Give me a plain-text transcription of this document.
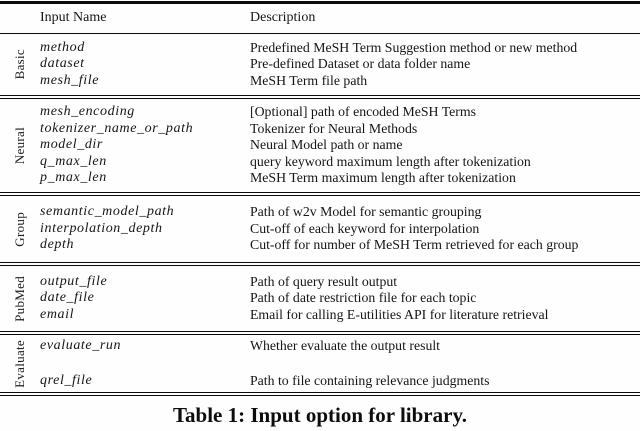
Input Name	Description
Basic
method
dataset
mesh_file
Predefined MeSH Term Suggestion method or new method
Pre-defined Dataset or data folder name
MeSH Term file path
Neural
mesh_encoding
tokenizer_name_or_path
model_dir
q_max_len
p_max_len
[Optional] path of encoded MeSH Terms
Tokenizer for Neural Methods
Neural Model path or name
query keyword maximum length after tokenization
MeSH Term maximum length after tokenization
Group semantic_model_path
interpolation_depth
depth
Path of w2v Model for semantic grouping
Cut-off of each keyword for interpolation
Cut-off for number of MeSH Term retrieved for each group
PubMed output_file
date_file
email
Path of query result output
Path of date restriction file for each topic
Email for calling E-utilities API for literature retrieval
Evaluate evaluate_run
qrel_file
Whether evaluate the output result
Path to file containing relevance judgments
Table 1: Input option for library.
